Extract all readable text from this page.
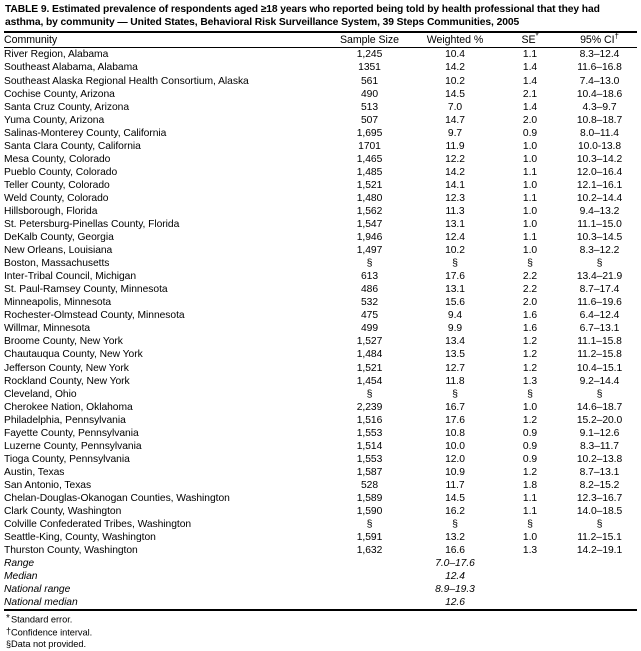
TABLE 9. Estimated prevalence of respondents aged ≥18 years who reported being told by health professional that they had asthma, by community — United States, Behavioral Risk Surveillance System, 39 Steps Communities, 2005
Community	Sample Size	Weighted %	SE*	95% CI†
River Region, Alabama	1,245	10.4	1.1	8.3–12.4
Southeast Alabama, Alabama	1351	14.2	1.4	11.6–16.8
Southeast Alaska Regional Health Consortium, Alaska	561	10.2	1.4	7.4–13.0
Cochise County, Arizona	490	14.5	2.1	10.4–18.6
Santa Cruz County, Arizona	513	7.0	1.4	4.3–9.7
Yuma County, Arizona	507	14.7	2.0	10.8–18.7
Salinas-Monterey County, California	1,695	9.7	0.9	8.0–11.4
Santa Clara County, California	1701	11.9	1.0	10.0-13.8
Mesa County, Colorado	1,465	12.2	1.0	10.3–14.2
Pueblo County, Colorado	1,485	14.2	1.1	12.0–16.4
Teller County, Colorado	1,521	14.1	1.0	12.1–16.1
Weld County, Colorado	1,480	12.3	1.1	10.2–14.4
Hillsborough, Florida	1,562	11.3	1.0	9.4–13.2
St. Petersburg-Pinellas County, Florida	1,547	13.1	1.0	11.1–15.0
DeKalb County, Georgia	1,946	12.4	1.1	10.3–14.5
New Orleans, Louisiana	1,497	10.2	1.0	8.3–12.2
Boston, Massachusetts	§	§	§	§
Inter-Tribal Council, Michigan	613	17.6	2.2	13.4–21.9
St. Paul-Ramsey County, Minnesota	486	13.1	2.2	8.7–17.4
Minneapolis, Minnesota	532	15.6	2.0	11.6–19.6
Rochester-Olmstead County, Minnesota	475	9.4	1.6	6.4–12.4
Willmar, Minnesota	499	9.9	1.6	6.7–13.1
Broome County, New York	1,527	13.4	1.2	11.1–15.8
Chautauqua County, New York	1,484	13.5	1.2	11.2–15.8
Jefferson County, New York	1,521	12.7	1.2	10.4–15.1
Rockland County, New York	1,454	11.8	1.3	9.2–14.4
Cleveland, Ohio	§	§	§	§
Cherokee Nation, Oklahoma	2,239	16.7	1.0	14.6–18.7
Philadelphia, Pennsylvania	1,516	17.6	1.2	15.2–20.0
Fayette County, Pennsylvania	1,553	10.8	0.9	9.1–12.6
Luzerne County, Pennsylvania	1,514	10.0	0.9	8.3–11.7
Tioga County, Pennsylvania	1,553	12.0	0.9	10.2–13.8
Austin, Texas	1,587	10.9	1.2	8.7–13.1
San Antonio, Texas	528	11.7	1.8	8.2–15.2
Chelan-Douglas-Okanogan Counties, Washington	1,589	14.5	1.1	12.3–16.7
Clark County, Washington	1,590	16.2	1.1	14.0–18.5
Colville Confederated Tribes, Washington	§	§	§	§
Seattle-King, County, Washington	1,591	13.2	1.0	11.2–15.1
Thurston County, Washington	1,632	16.6	1.3	14.2–19.1
Range		7.0–17.6		
Median		12.4		
National range		8.9–19.3		
National median		12.6		
*Standard error.
†Confidence interval.
§Data not provided.
